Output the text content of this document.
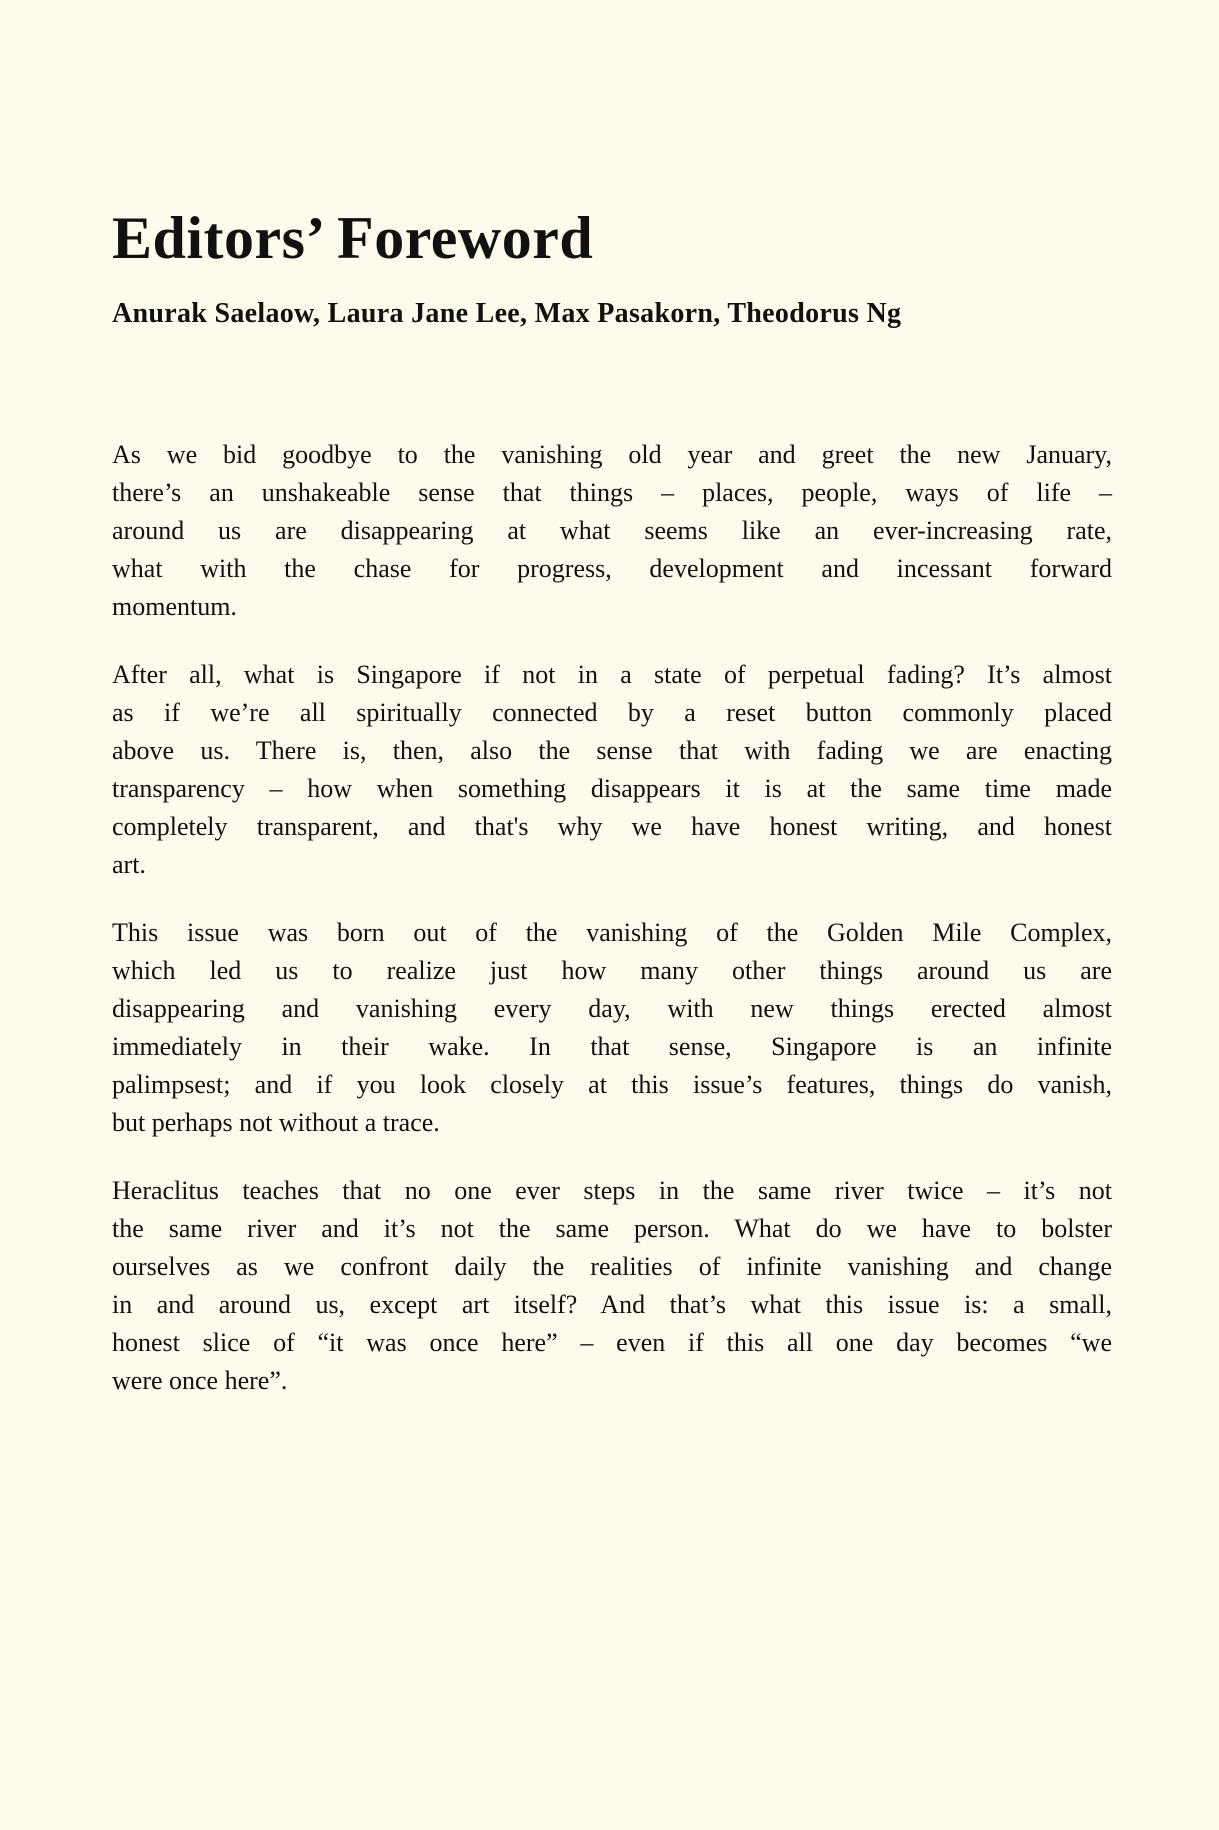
Editors’ Foreword
Anurak Saelaow, Laura Jane Lee, Max Pasakorn, Theodorus Ng
As we bid goodbye to the vanishing old year and greet the new January,
there’s an unshakeable sense that things – places, people, ways of life –
around us are disappearing at what seems like an ever-increasing rate,
what with the chase for progress, development and incessant forward
momentum.
After all, what is Singapore if not in a state of perpetual fading? It’s almost
as if we’re all spiritually connected by a reset button commonly placed
above us. There is, then, also the sense that with fading we are enacting
transparency – how when something disappears it is at the same time made
completely transparent, and that's why we have honest writing, and honest
art.
This issue was born out of the vanishing of the Golden Mile Complex,
which led us to realize just how many other things around us are
disappearing and vanishing every day, with new things erected almost
immediately in their wake. In that sense, Singapore is an infinite
palimpsest; and if you look closely at this issue’s features, things do vanish,
but perhaps not without a trace.
Heraclitus teaches that no one ever steps in the same river twice – it’s not
the same river and it’s not the same person. What do we have to bolster
ourselves as we confront daily the realities of infinite vanishing and change
in and around us, except art itself? And that’s what this issue is: a small,
honest slice of “it was once here” – even if this all one day becomes “we
were once here”.
